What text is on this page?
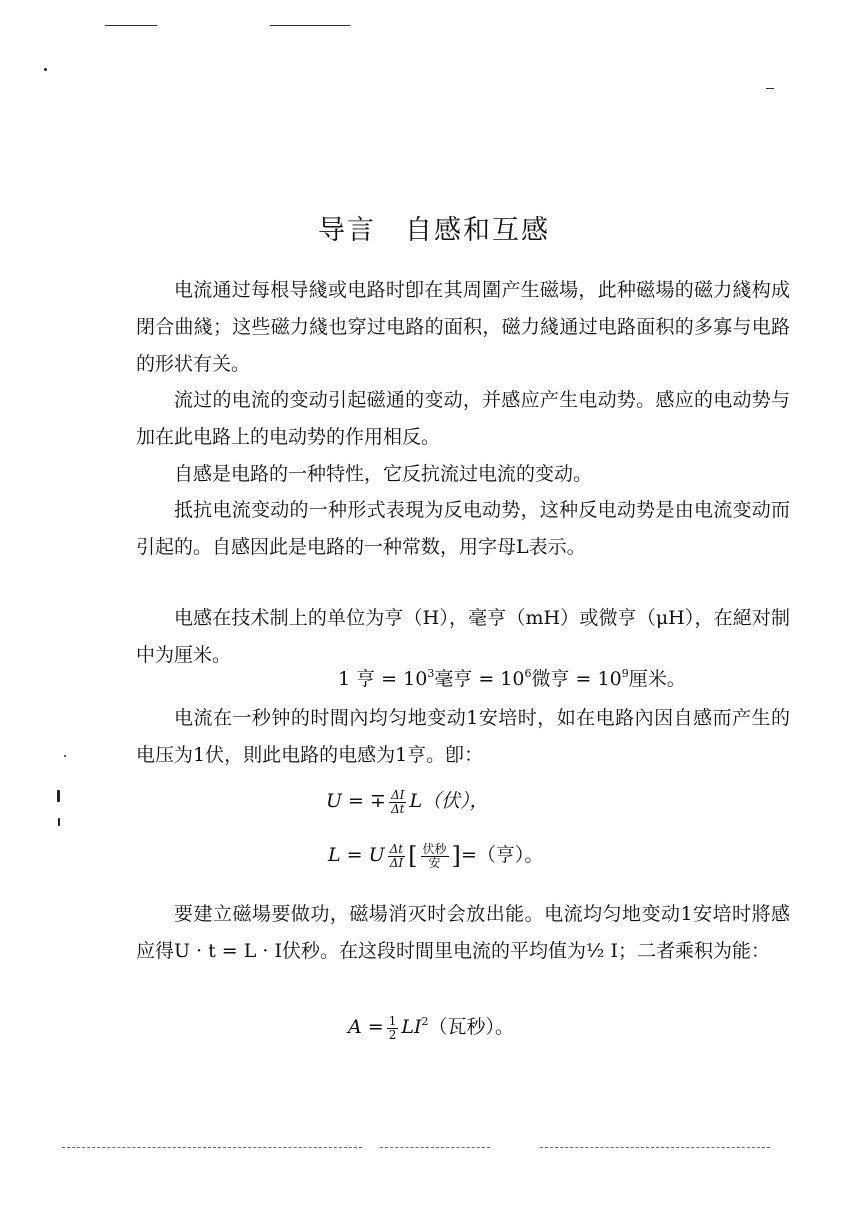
导言　自感和互感

电流通过每根导綫或电路时卽在其周圍产生磁場，此种磁場的磁力綫构成閉合曲綫；这些磁力綫也穿过电路的面积，磁力綫通过电路面积的多寡与电路的形状有关。

流过的电流的变动引起磁通的变动，并感应产生电动势。感应的电动势与加在此电路上的电动势的作用相反。

自感是电路的一种特性，它反抗流过电流的变动。

抵抗电流变动的一种形式表現为反电动势，这种反电动势是由电流变动而引起的。自感因此是电路的一种常数，用字母L表示。

电感在技术制上的单位为亨（H），毫亨（mH）或微亨（μH），在絕对制中为厘米。

1 亨 = $10^3$毫亨 = $10^6$微亨 = $10^9$厘米。

电流在一秒钟的时間內均匀地变动1安培时，如在电路內因自感而产生的电压为1伏，則此电路的电感为1亨。卽：

U = ∓ $\frac{\Delta I}{\Delta t} L$（伏），
L = U $\frac{\Delta t}{\Delta I}$ [ $\frac{\text{伏秒}}{\text{安}}$ ]=（亨）。

要建立磁場要做功，磁場消灭时会放出能。电流均匀地变动1安培时將感应得U · t = L · I伏秒。在这段时間里电流的平均值为½ I；二者乘积为能：

$A = \frac{1}{2} LI^2$（瓦秒）。
